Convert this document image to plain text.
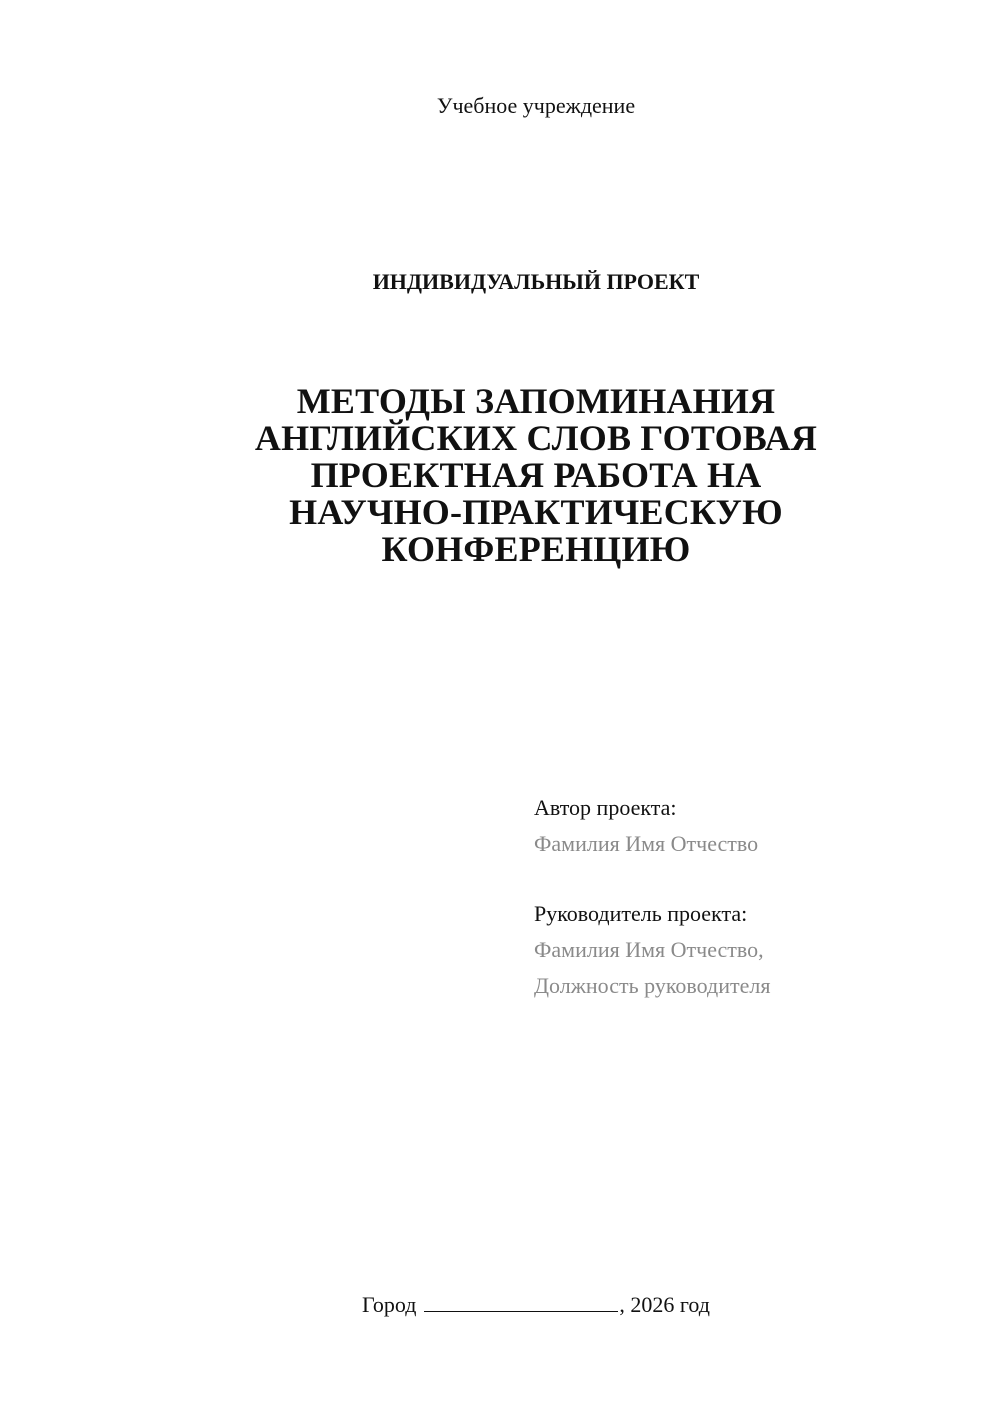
Учебное учреждение
ИНДИВИДУАЛЬНЫЙ ПРОЕКТ
МЕТОДЫ ЗАПОМИНАНИЯ
АНГЛИЙСКИХ СЛОВ ГОТОВАЯ
ПРОЕКТНАЯ РАБОТА НА
НАУЧНО-ПРАКТИЧЕСКУЮ
КОНФЕРЕНЦИЮ
Автор проекта:
Фамилия Имя Отчество
Руководитель проекта:
Фамилия Имя Отчество,
Должность руководителя
Город	, 2026 год
